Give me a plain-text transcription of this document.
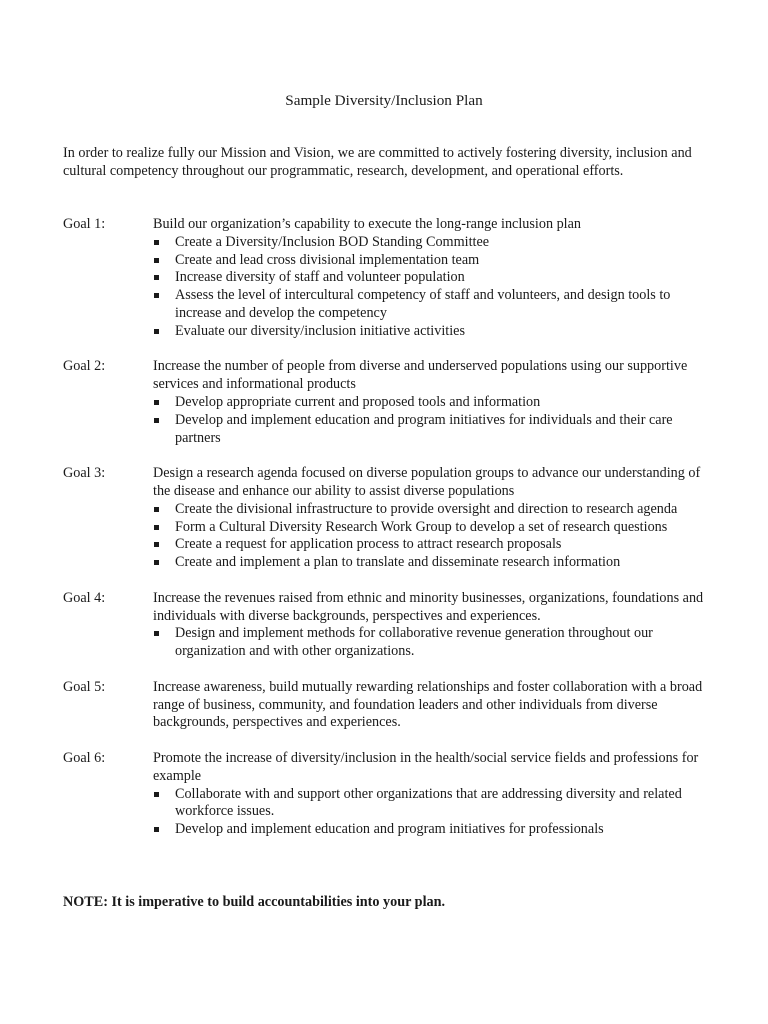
Sample Diversity/Inclusion Plan
In order to realize fully our Mission and Vision, we are committed to actively fostering diversity, inclusion and cultural competency throughout our programmatic, research, development, and operational efforts.
Goal 1:	Build our organization’s capability to execute the long-range inclusion plan

Create a Diversity/Inclusion BOD Standing Committee
Create and lead cross divisional implementation team
Increase diversity of staff and volunteer population
Assess the level of intercultural competency of staff and volunteers, and design tools to increase and develop the competency
Evaluate our diversity/inclusion initiative activities
Goal 2:	Increase the number of people from diverse and underserved populations using our supportive services and informational products

Develop appropriate current and proposed tools and information
Develop and implement education and program initiatives for individuals and their care partners
Goal 3:	Design a research agenda focused on diverse population groups to advance our understanding of the disease and enhance our ability to assist diverse populations

Create the divisional infrastructure to provide oversight and direction to research agenda
Form a Cultural Diversity Research Work Group to develop a set of research questions
Create a request for application process to attract research proposals
Create and implement a plan to translate and disseminate research information
Goal 4:	Increase the revenues raised from ethnic and minority businesses, organizations, foundations and individuals with diverse backgrounds, perspectives and experiences.

Design and implement methods for collaborative revenue generation throughout our organization and with other organizations.
Goal 5:	Increase awareness, build mutually rewarding relationships and foster collaboration with a broad range of business, community, and foundation leaders and other individuals from diverse backgrounds, perspectives and experiences.

Goal 6:	Promote the increase of diversity/inclusion in the health/social service fields and professions for example

Collaborate with and support other organizations that are addressing diversity and related workforce issues.
Develop and implement education and program initiatives for professionals
NOTE: It is imperative to build accountabilities into your plan.
